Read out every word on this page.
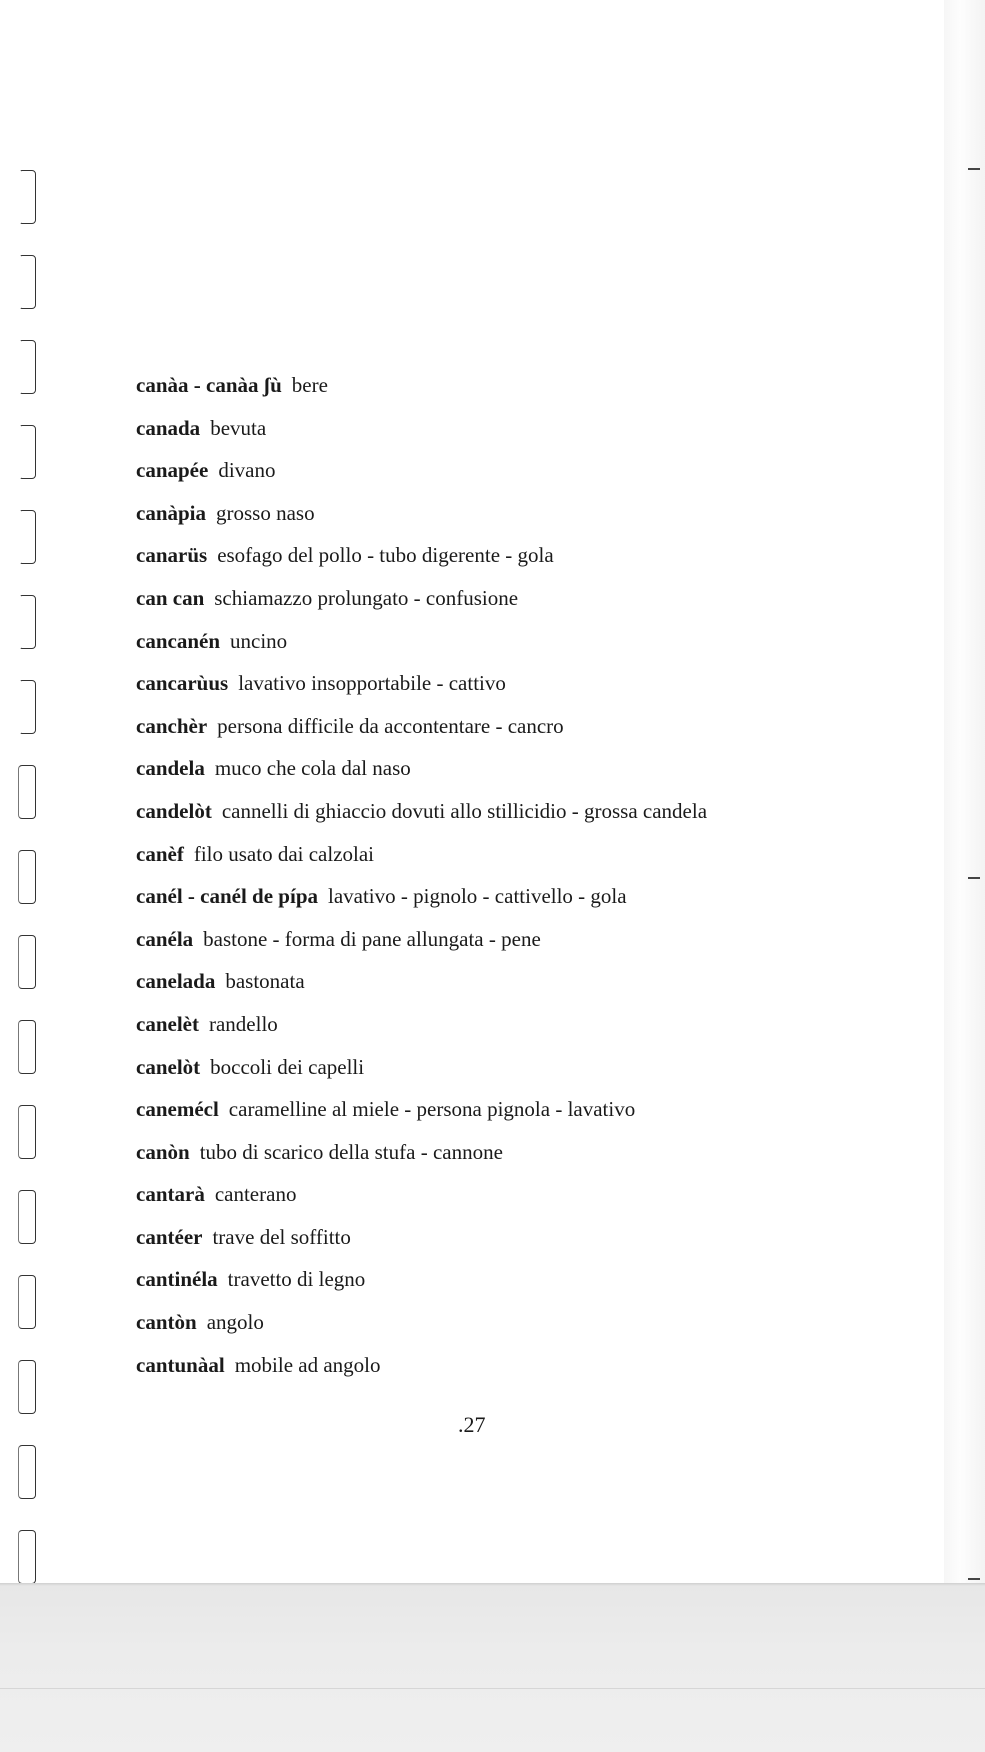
canàa - canàa ʃù bere
canada bevuta
canapée divano
canàpia grosso naso
canarüs esofago del pollo - tubo digerente - gola
can can schiamazzo prolungato - confusione
cancanén uncino
cancarùus lavativo insopportabile - cattivo
canchèr persona difficile da accontentare - cancro
candela muco che cola dal naso
candelòt cannelli di ghiaccio dovuti allo stillicidio - grossa candela
canèf filo usato dai calzolai
canél - canél de pípa lavativo - pignolo - cattivello - gola
canéla bastone - forma di pane allungata - pene
canelada bastonata
canelèt randello
canelòt boccoli dei capelli
canemécl caramelline al miele - persona pignola - lavativo
canòn tubo di scarico della stufa - cannone
cantarà canterano
cantéer trave del soffitto
cantinéla travetto di legno
cantòn angolo
cantunàal mobile ad angolo
.27
